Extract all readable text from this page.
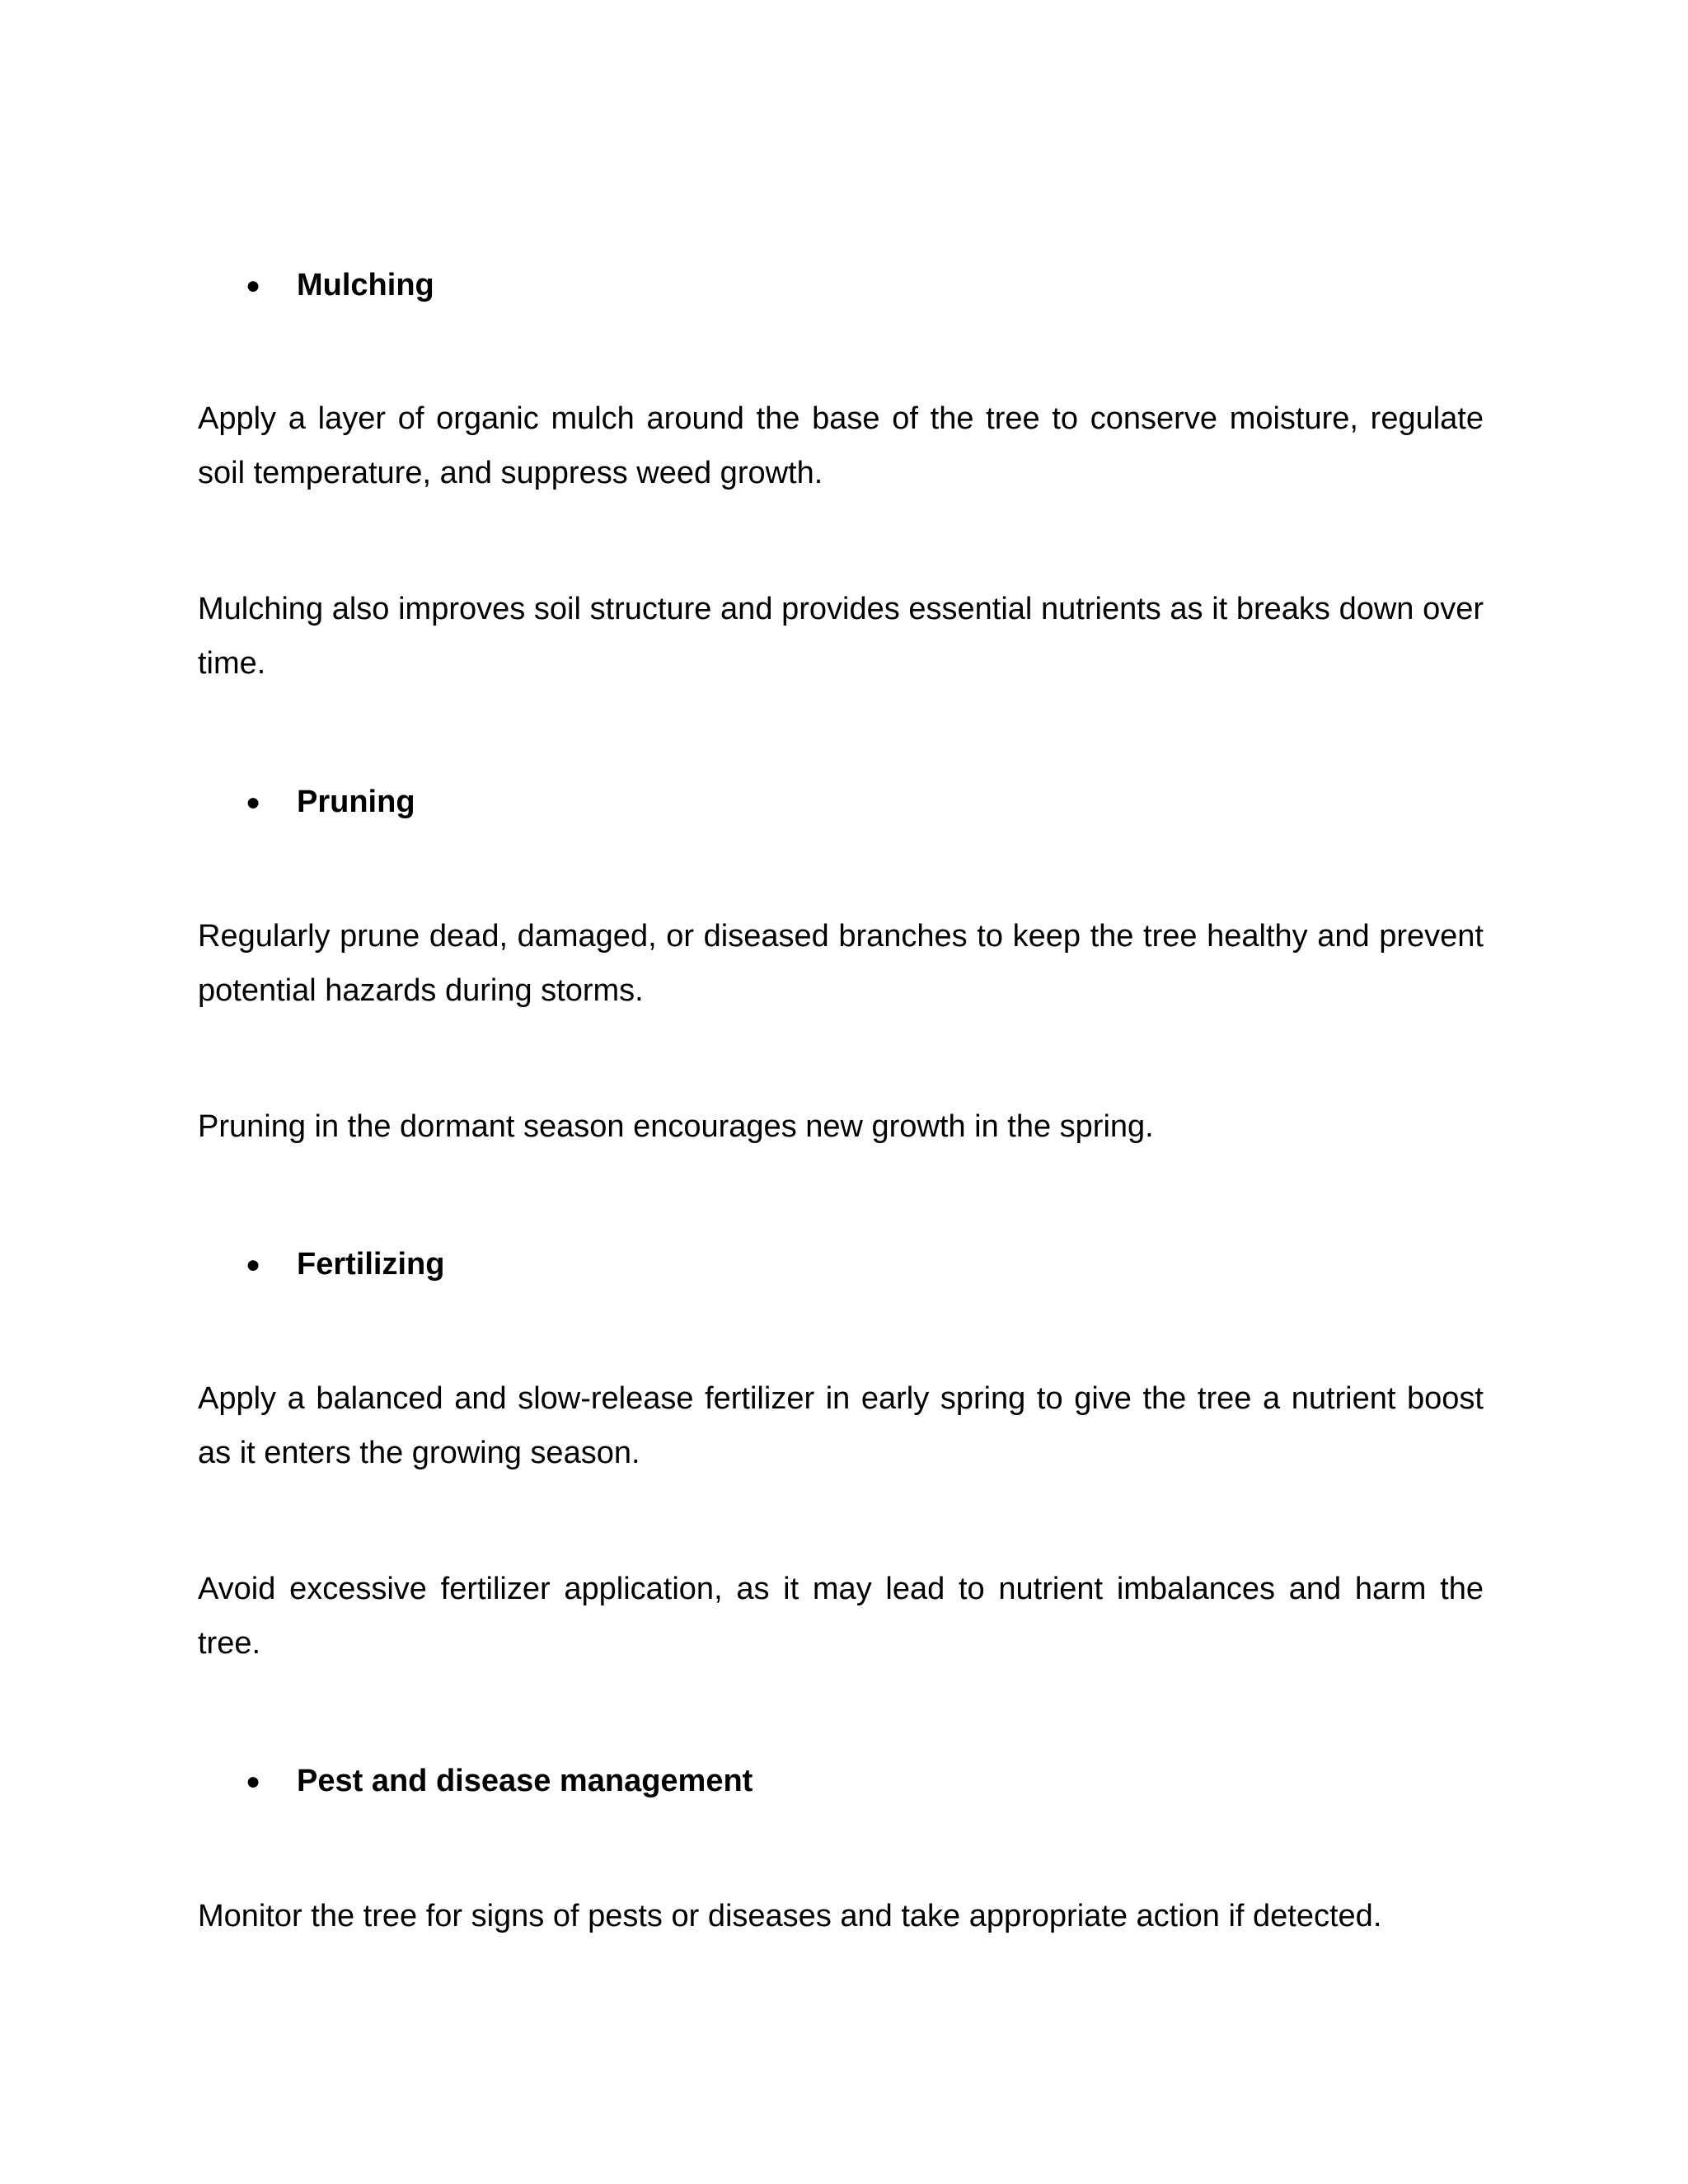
● Mulching

Apply a layer of organic mulch around the base of the tree to conserve moisture, regulate soil temperature, and suppress weed growth.

Mulching also improves soil structure and provides essential nutrients as it breaks down over time.

● Pruning

Regularly prune dead, damaged, or diseased branches to keep the tree healthy and prevent potential hazards during storms.

Pruning in the dormant season encourages new growth in the spring.

● Fertilizing

Apply a balanced and slow-release fertilizer in early spring to give the tree a nutrient boost as it enters the growing season.

Avoid excessive fertilizer application, as it may lead to nutrient imbalances and harm the tree.

● Pest and disease management

Monitor the tree for signs of pests or diseases and take appropriate action if detected.
